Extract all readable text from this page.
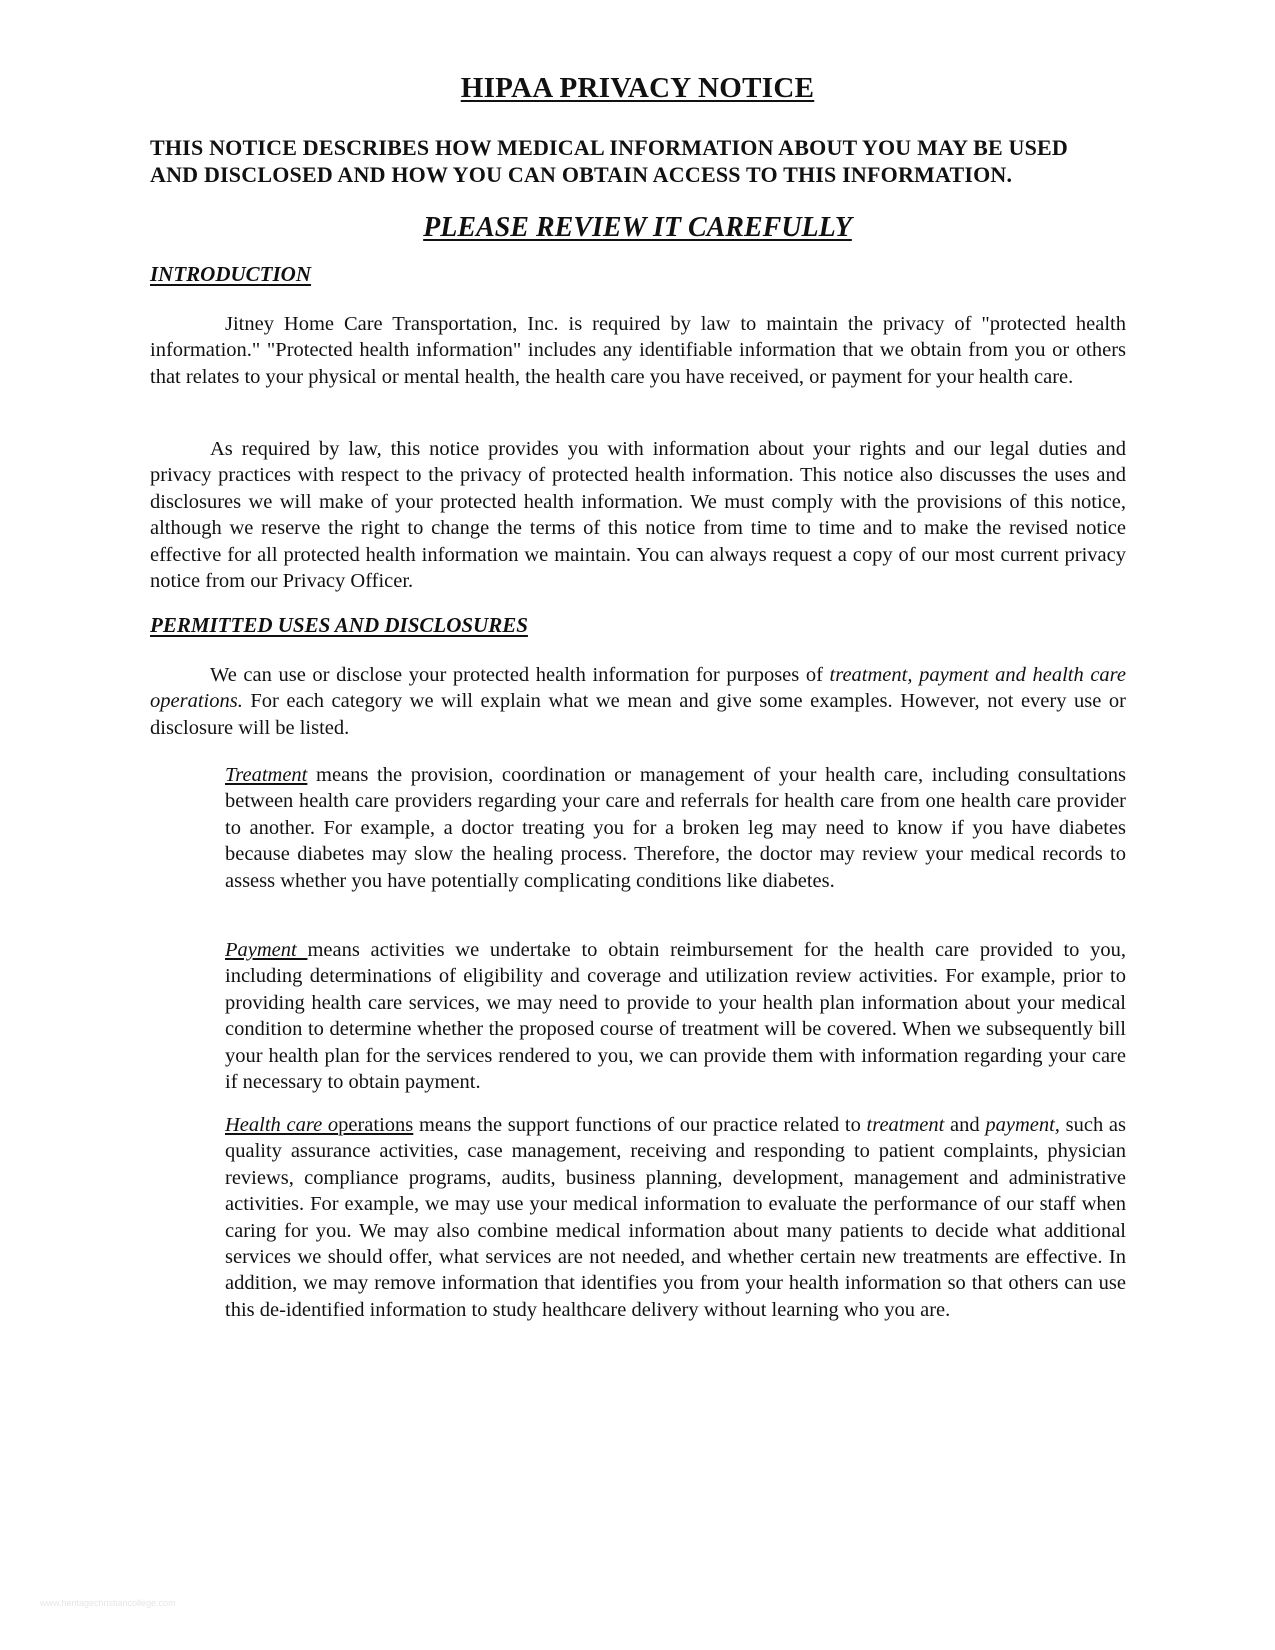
HIPAA PRIVACY NOTICE
THIS NOTICE DESCRIBES HOW MEDICAL INFORMATION ABOUT YOU MAY BE USED
AND DISCLOSED AND HOW YOU CAN OBTAIN ACCESS TO THIS INFORMATION.
PLEASE REVIEW IT CAREFULLY
INTRODUCTION

Jitney Home Care Transportation, Inc. is required by law to maintain the privacy of "protected health information." "Protected health information" includes any identifiable information that we obtain from you or others that relates to your physical or mental health, the health care you have received, or payment for your health care.

As required by law, this notice provides you with information about your rights and our legal duties and privacy practices with respect to the privacy of protected health information. This notice also discusses the uses and disclosures we will make of your protected health information. We must comply with the provisions of this notice, although we reserve the right to change the terms of this notice from time to time and to make the revised notice effective for all protected health information we maintain. You can always request a copy of our most current privacy notice from our Privacy Officer.

PERMITTED USES AND DISCLOSURES

We can use or disclose your protected health information for purposes of treatment, payment and health care operations. For each category we will explain what we mean and give some examples. However, not every use or disclosure will be listed.

Treatment means the provision, coordination or management of your health care, including consultations between health care providers regarding your care and referrals for health care from one health care provider to another. For example, a doctor treating you for a broken leg may need to know if you have diabetes because diabetes may slow the healing process. Therefore, the doctor may review your medical records to assess whether you have potentially complicating conditions like diabetes.

Payment means activities we undertake to obtain reimbursement for the health care provided to you, including determinations of eligibility and coverage and utilization review activities. For example, prior to providing health care services, we may need to provide to your health plan information about your medical condition to determine whether the proposed course of treatment will be covered. When we subsequently bill your health plan for the services rendered to you, we can provide them with information regarding your care if necessary to obtain payment.

Health care operations means the support functions of our practice related to treatment and payment, such as quality assurance activities, case management, receiving and responding to patient complaints, physician reviews, compliance programs, audits, business planning, development, management and administrative activities. For example, we may use your medical information to evaluate the performance of our staff when caring for you. We may also combine medical information about many patients to decide what additional services we should offer, what services are not needed, and whether certain new treatments are effective. In addition, we may remove information that identifies you from your health information so that others can use this de-identified information to study healthcare delivery without learning who you are.

www.heritagechristiancollege.com
